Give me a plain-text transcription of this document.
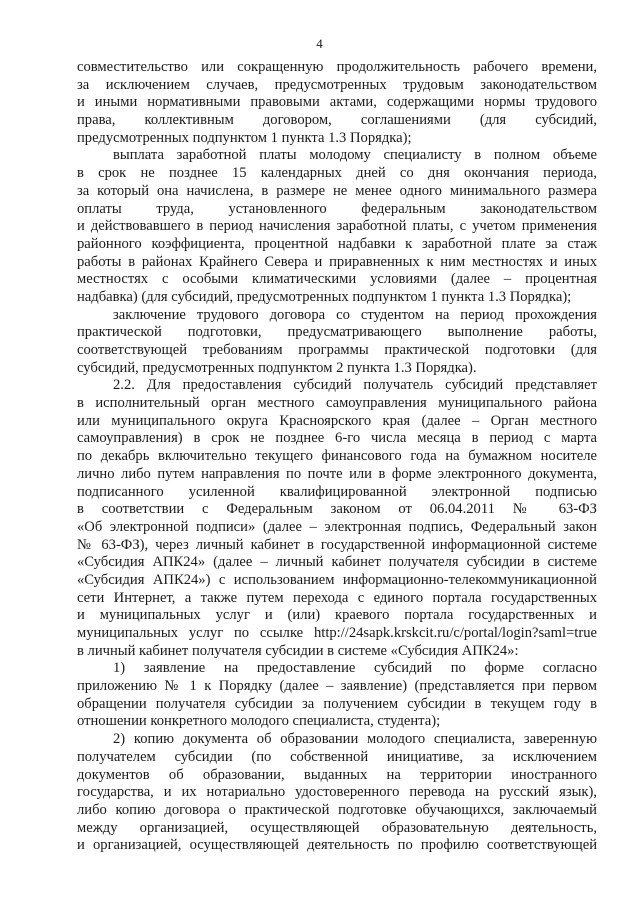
4
совместительство или сокращенную продолжительность рабочего времени,
за исключением случаев, предусмотренных трудовым законодательством
и иными нормативными правовыми актами, содержащими нормы трудового
права, коллективным договором, соглашениями (для субсидий,
предусмотренных подпунктом 1 пункта 1.3 Порядка);
выплата заработной платы молодому специалисту в полном объеме
в срок не позднее 15 календарных дней со дня окончания периода,
за который она начислена, в размере не менее одного минимального размера
оплаты труда, установленного федеральным законодательством
и действовавшего в период начисления заработной платы, с учетом применения
районного коэффициента, процентной надбавки к заработной плате за стаж
работы в районах Крайнего Севера и приравненных к ним местностях и иных
местностях с особыми климатическими условиями (далее – процентная
надбавка) (для субсидий, предусмотренных подпунктом 1 пункта 1.3 Порядка);
заключение трудового договора со студентом на период прохождения
практической подготовки, предусматривающего выполнение работы,
соответствующей требованиям программы практической подготовки (для
субсидий, предусмотренных подпунктом 2 пункта 1.3 Порядка).
2.2. Для предоставления субсидий получатель субсидий представляет
в исполнительный орган местного самоуправления муниципального района
или муниципального округа Красноярского края (далее – Орган местного
самоуправления) в срок не позднее 6-го числа месяца в период с марта
по декабрь включительно текущего финансового года на бумажном носителе
лично либо путем направления по почте или в форме электронного документа,
подписанного усиленной квалифицированной электронной подписью
в соответствии с Федеральным законом от 06.04.2011 № 63-ФЗ
«Об электронной подписи» (далее – электронная подпись, Федеральный закон
№ 63-ФЗ), через личный кабинет в государственной информационной системе
«Субсидия АПК24» (далее – личный кабинет получателя субсидии в системе
«Субсидия АПК24») с использованием информационно-телекоммуникационной
сети Интернет, а также путем перехода с единого портала государственных
и муниципальных услуг и (или) краевого портала государственных и
муниципальных услуг по ссылке http://24sapk.krskcit.ru/c/portal/login?saml=true
в личный кабинет получателя субсидии в системе «Субсидия АПК24»:
1) заявление на предоставление субсидий по форме согласно
приложению № 1 к Порядку (далее – заявление) (представляется при первом
обращении получателя субсидии за получением субсидии в текущем году в
отношении конкретного молодого специалиста, студента);
2) копию документа об образовании молодого специалиста, заверенную
получателем субсидии (по собственной инициативе, за исключением
документов об образовании, выданных на территории иностранного
государства, и их нотариально удостоверенного перевода на русский язык),
либо копию договора о практической подготовке обучающихся, заключаемый
между организацией, осуществляющей образовательную деятельность,
и организацией, осуществляющей деятельность по профилю соответствующей
